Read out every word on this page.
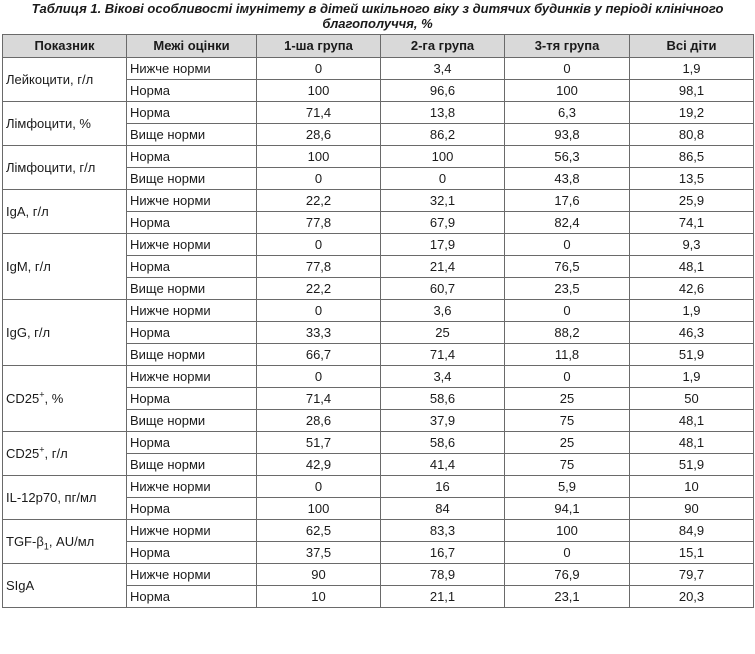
Таблиця 1. Вікові особливості імунітету в дітей шкільного віку з дитячих будинків у періоді клінічного
благополуччя, %
Показник	Межі оцінки	1-ша група	2-га група	3-тя група	Всі діти
Лейкоцити, г/л	Нижче норми	0	3,4	0	1,9
	Норма	100	96,6	100	98,1
Лімфоцити, %	Норма	71,4	13,8	6,3	19,2
	Вище норми	28,6	86,2	93,8	80,8
Лімфоцити, г/л	Норма	100	100	56,3	86,5
	Вище норми	0	0	43,8	13,5
IgA, г/л	Нижче норми	22,2	32,1	17,6	25,9
	Норма	77,8	67,9	82,4	74,1
IgM, г/л	Нижче норми	0	17,9	0	9,3
	Норма	77,8	21,4	76,5	48,1
	Вище норми	22,2	60,7	23,5	42,6
IgG, г/л	Нижче норми	0	3,6	0	1,9
	Норма	33,3	25	88,2	46,3
	Вище норми	66,7	71,4	11,8	51,9
CD25+, %	Нижче норми	0	3,4	0	1,9
	Норма	71,4	58,6	25	50
	Вище норми	28,6	37,9	75	48,1
CD25+, г/л	Норма	51,7	58,6	25	48,1
	Вище норми	42,9	41,4	75	51,9
IL-12p70, пг/мл	Нижче норми	0	16	5,9	10
	Норма	100	84	94,1	90
TGF-$\beta_1$, AU/мл	Нижче норми	62,5	83,3	100	84,9
	Норма	37,5	16,7	0	15,1
SIgA	Нижче норми	90	78,9	76,9	79,7
	Норма	10	21,1	23,1	20,3
